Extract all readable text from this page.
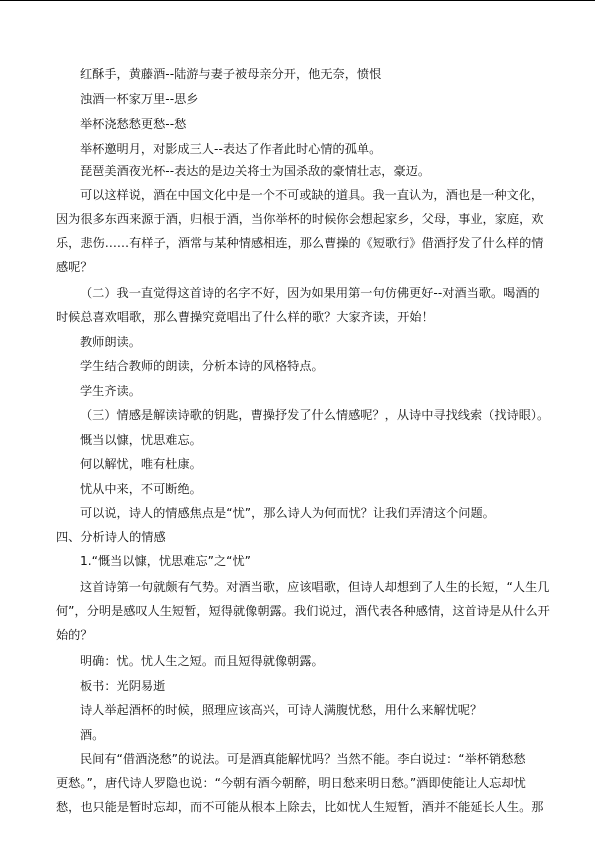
红酥手，黄藤酒--陆游与妻子被母亲分开，他无奈，愤恨
浊酒一杯家万里--思乡
举杯浇愁愁更愁--愁
举杯邀明月，对影成三人--表达了作者此时心情的孤单。
琵琶美酒夜光杯--表达的是边关将士为国杀敌的豪情壮志，豪迈。
可以这样说，酒在中国文化中是一个不可或缺的道具。我一直认为，酒也是一种文化，
因为很多东西来源于酒，归根于酒，当你举杯的时候你会想起家乡，父母，事业，家庭，欢
乐，悲伤……有样子，酒常与某种情感相连，那么曹操的《短歌行》借酒抒发了什么样的情
感呢？
（二）我一直觉得这首诗的名字不好，因为如果用第一句仿佛更好--对酒当歌。喝酒的
时候总喜欢唱歌，那么曹操究竟唱出了什么样的歌？大家齐读，开始！
教师朗读。
学生结合教师的朗读，分析本诗的风格特点。
学生齐读。
（三）情感是解读诗歌的钥匙，曹操抒发了什么情感呢？，从诗中寻找线索（找诗眼）。
慨当以慷，忧思难忘。
何以解忧，唯有杜康。
忧从中来，不可断绝。
可以说，诗人的情感焦点是“忧”，那么诗人为何而忧？让我们弄清这个问题。
四、分析诗人的情感
1.“慨当以慷，忧思难忘”之“忧”
这首诗第一句就颇有气势。对酒当歌，应该唱歌，但诗人却想到了人生的长短，“人生几
何”，分明是感叹人生短暂，短得就像朝露。我们说过，酒代表各种感情，这首诗是从什么开
始的？
明确：忧。忧人生之短。而且短得就像朝露。
板书：光阴易逝
诗人举起酒杯的时候，照理应该高兴，可诗人满腹忧愁，用什么来解忧呢？
酒。
民间有“借酒浇愁”的说法。可是酒真能解忧吗？当然不能。李白说过：“举杯销愁愁
更愁。”，唐代诗人罗隐也说：“今朝有酒今朝醉，明日愁来明日愁。”酒即使能让人忘却忧
愁，也只能是暂时忘却，而不可能从根本上除去，比如忧人生短暂，酒并不能延长人生。那
